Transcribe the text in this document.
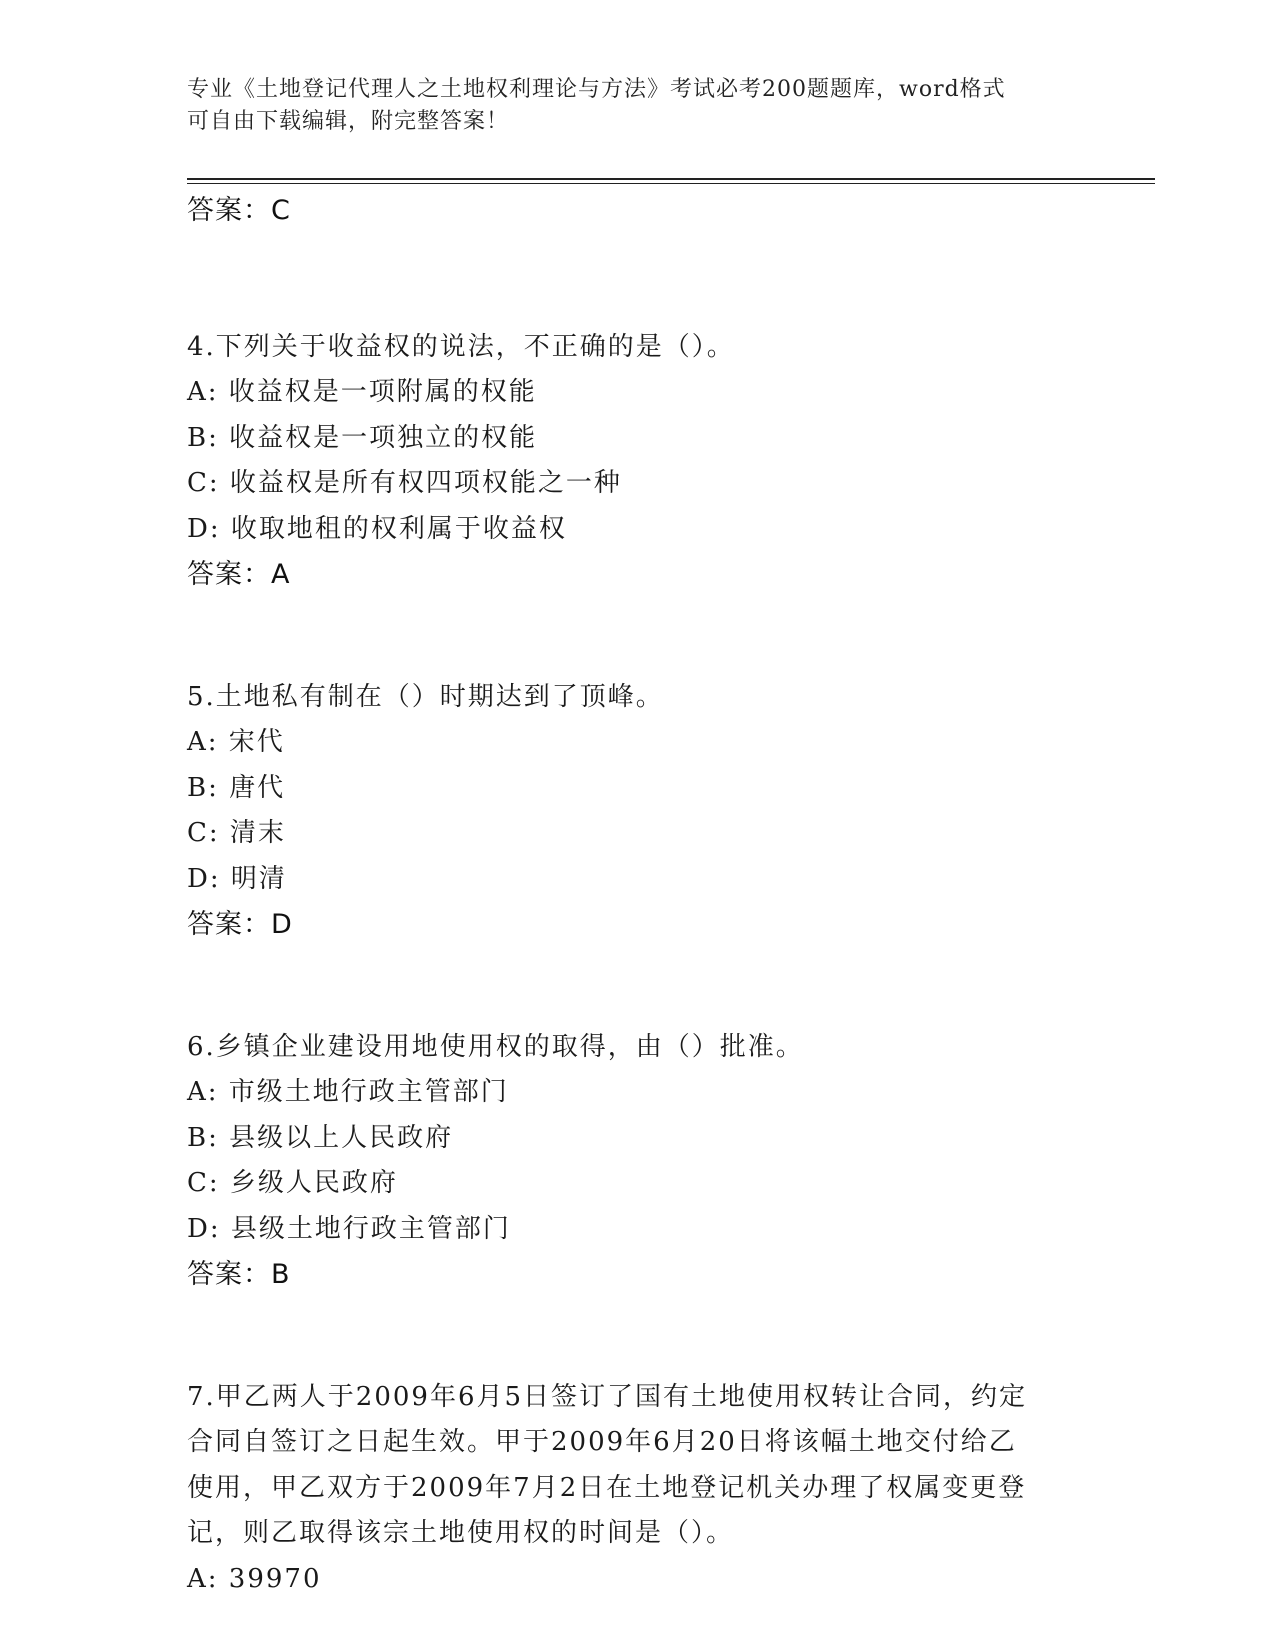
专业《土地登记代理人之土地权利理论与方法》考试必考200题题库，word格式
可自由下载编辑，附完整答案！
答案：C
4.下列关于收益权的说法，不正确的是（）。
A: 收益权是一项附属的权能
B: 收益权是一项独立的权能
C: 收益权是所有权四项权能之一种
D: 收取地租的权利属于收益权
答案：A
5.土地私有制在（）时期达到了顶峰。
A: 宋代
B: 唐代
C: 清末
D: 明清
答案：D
6.乡镇企业建设用地使用权的取得，由（）批准。
A: 市级土地行政主管部门
B: 县级以上人民政府
C: 乡级人民政府
D: 县级土地行政主管部门
答案：B
7.甲乙两人于2009年6月5日签订了国有土地使用权转让合同，约定
合同自签订之日起生效。甲于2009年6月20日将该幅土地交付给乙
使用，甲乙双方于2009年7月2日在土地登记机关办理了权属变更登
记，则乙取得该宗土地使用权的时间是（）。
A: 39970
